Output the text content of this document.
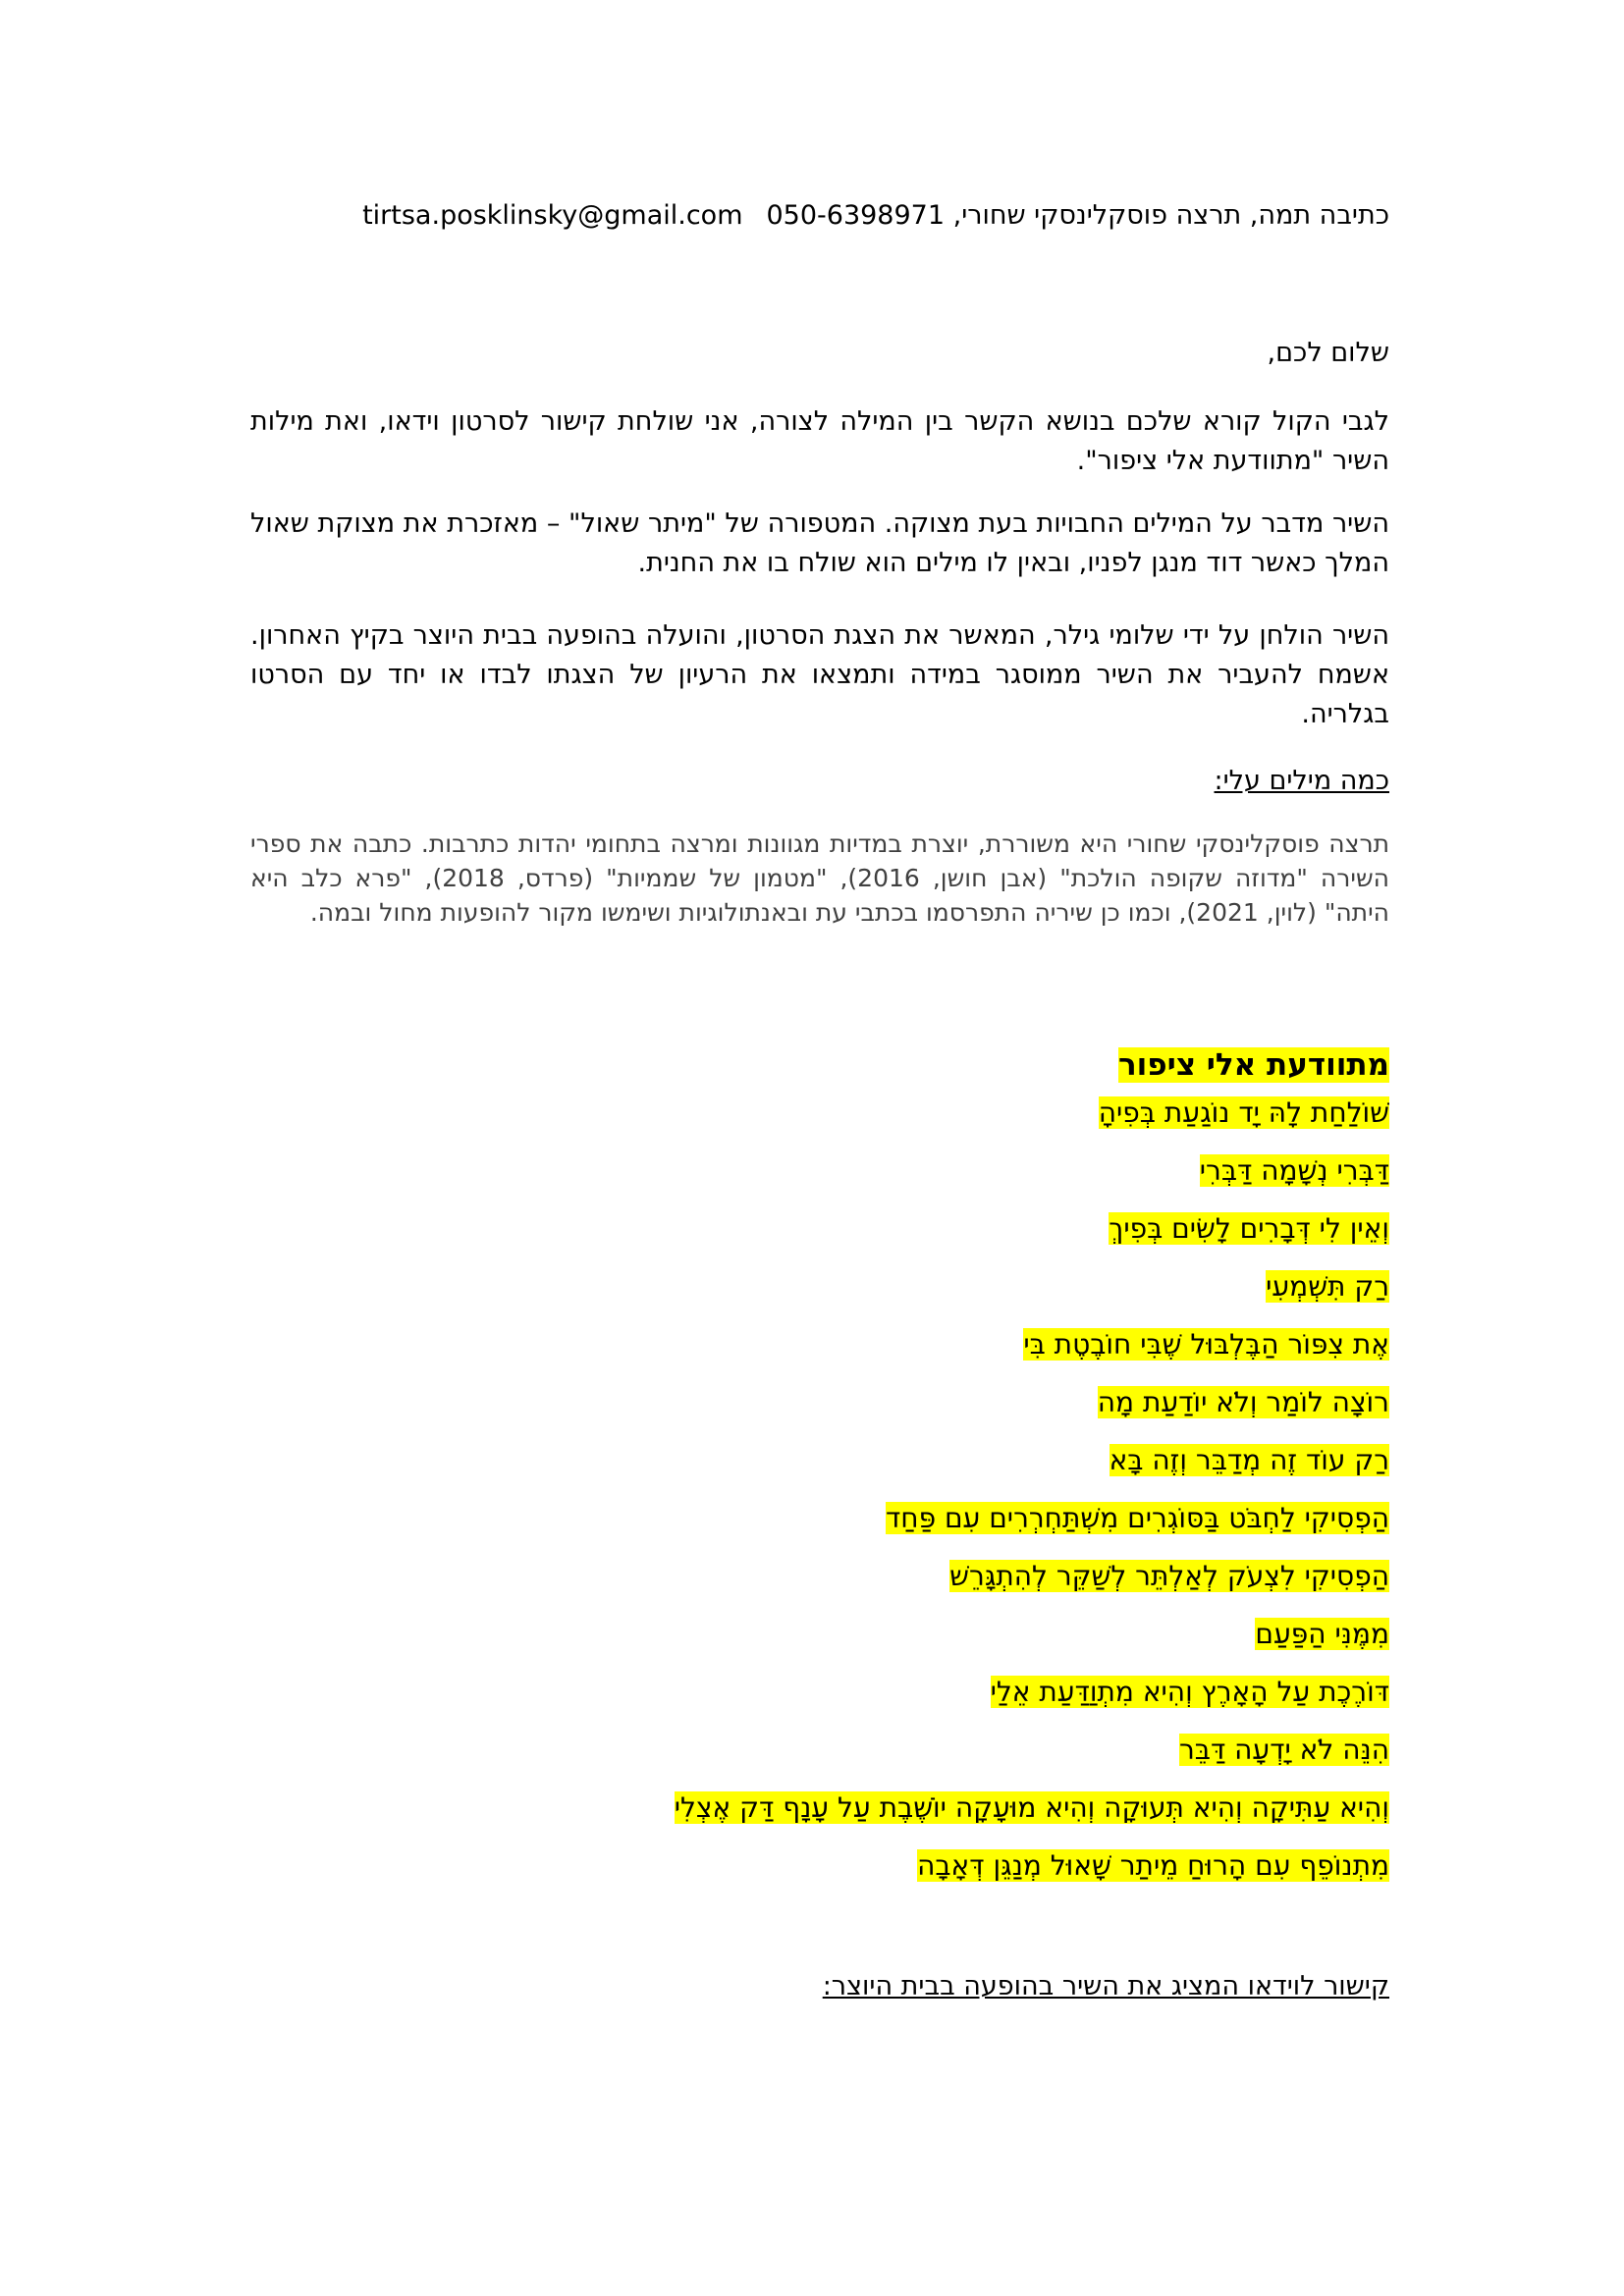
כתיבה תמה, תרצה פוסקלינסקי שחורי, 050-6398971tirtsa.posklinsky@gmail.com
שלום לכם,
לגבי הקול קורא שלכם בנושא הקשר בין המילה לצורה, אני שולחת קישור לסרטון וידאו, ואת מילות השיר "מתוודעת אלי ציפור".
השיר מדבר על המילים החבויות בעת מצוקה. המטפורה של "מיתר שאול" – מאזכרת את מצוקת שאול המלך כאשר דוד מנגן לפניו, ובאין לו מילים הוא שולח בו את החנית.
השיר הולחן על ידי שלומי גילר, המאשר את הצגת הסרטון, והועלה בהופעה בבית היוצר בקיץ האחרון. אשמח להעביר את השיר ממוסגר במידה ותמצאו את הרעיון של הצגתו לבדו או יחד עם הסרטו בגלריה.
כמה מילים עלי:
תרצה פוסקלינסקי שחורי היא משוררת, יוצרת במדיות מגוונות ומרצה בתחומי יהדות כתרבות. כתבה את ספרי השירה "מדוזה שקופה הולכת" (אבן חושן, 2016), "מטמון של שממיות" (פרדס, 2018), "פרא כלב היא היתה" (לוין, 2021), וכמו כן שיריה התפרסמו בכתבי עת ובאנתולוגיות ושימשו מקור להופעות מחול ובמה.
מתוודעת אלי ציפור
שׁוֹלַחַת לָהּ יָד נוֹגַעַת בְּפִיהָ
דַּבְּרִי נְשָׁמָה דַּבְּרִי
וְאֵין לִי דְּבָרִים לָשִׂים בְּפִיךְ
רַק תִּשְׁמְעִי
אֶת צִפּוֹר הַבֶּלְבּוּל שֶׁבִּי חוֹבֶטֶת בִּי
רוֹצָה לוֹמַר וְלֹא יוֹדַעַת מָה
רַק עוֹד זֶה מְדַבֵּר וְזֶה בָּא
הַפְסִיקִי לַחְבֹּט בַּסּוֹגְרִים מִשְׁתַּחְרְרִים עִם פַּחַד
הַפְסִיקִי לִצְעֹק לְאַלְתֵּר לְשַׁקֵּר לְהִתְגָּרֵשׁ
מִמֶּנִּי הַפַּעַם
דּוֹרֶכֶת עַל הָאָרֶץ וְהִיא מִתְוַדַּעַת אֵלַי
הִנֵּה לֹא יָדְעָה דַּבֵּר
וְהִיא עַתִּיקָה וְהִיא תְּעוּקָה וְהִיא מוּעָקָה יוֹשֶׁבֶת עַל עָנָף דַּק אֶצְלִי
מִתְנוֹפֵף עִם הָרוּחַ מֵיתַר שָׁאוּל מְנַגֵּן דְּאָבָה
קישור לוידאו המציג את השיר בהופעה בבית היוצר:
